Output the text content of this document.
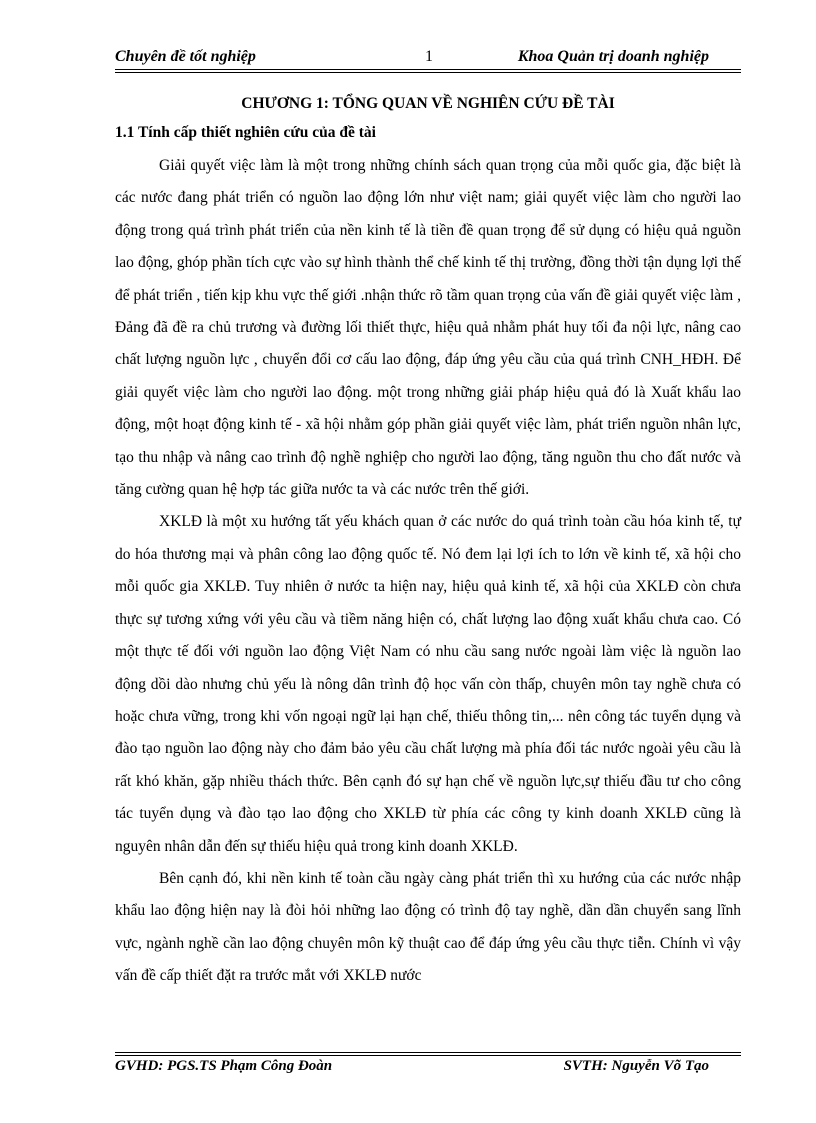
Chuyên đề tốt nghiệp	1	Khoa Quản trị doanh nghiệp
CHƯƠNG 1: TỔNG QUAN VỀ NGHIÊN CỨU ĐỀ TÀI
1.1 Tính cấp thiết nghiên cứu của đề tài

Giải quyết việc làm là một trong những chính sách quan trọng của mỗi quốc gia, đặc biệt là các nước đang phát triển có nguồn lao động lớn như việt nam; giải quyết việc làm cho người lao động trong quá trình phát triển của nền kinh tế là tiền đề quan trọng để sử dụng có hiệu quả nguồn lao động, ghóp phần tích cực vào sự hình thành thể chế kinh tế thị trường, đồng thời tận dụng lợi thế để phát triển , tiến kịp khu vực thế giới .nhận thức rõ tầm quan trọng của vấn đề giải quyết việc làm , Đảng đã đề ra chủ trương và đường lối thiết thực, hiệu quả nhằm phát huy tối đa nội lực, nâng cao chất lượng nguồn lực , chuyển đổi cơ cấu lao động, đáp ứng yêu cầu của quá trình CNH_HĐH. Để giải quyết việc làm cho người lao động. một trong những giải pháp hiệu quả đó là Xuất khẩu lao động, một hoạt động kinh tế - xã hội nhằm góp phần giải quyết việc làm, phát triển nguồn nhân lực, tạo thu nhập và nâng cao trình độ nghề nghiệp cho người lao động, tăng nguồn thu cho đất nước và tăng cường quan hệ hợp tác giữa nước ta và các nước trên thế giới.

XKLĐ là một xu hướng tất yếu khách quan ở các nước do quá trình toàn cầu hóa kinh tế, tự do hóa thương mại và phân công lao động quốc tế. Nó đem lại lợi ích to lớn về kinh tế, xã hội cho mỗi quốc gia XKLĐ. Tuy nhiên ở nước ta hiện nay, hiệu quả kinh tế, xã hội của XKLĐ còn chưa thực sự tương xứng với yêu cầu và tiềm năng hiện có, chất lượng lao động xuất khẩu chưa cao. Có một thực tế đối với nguồn lao động Việt Nam có nhu cầu sang nước ngoài làm việc là nguồn lao động dồi dào nhưng chủ yếu là nông dân trình độ học vấn còn thấp, chuyên môn tay nghề chưa có hoặc chưa vững, trong khi vốn ngoại ngữ lại hạn chế, thiếu thông tin,... nên công tác tuyển dụng và đào tạo nguồn lao động này cho đảm bảo yêu cầu chất lượng mà phía đối tác nước ngoài yêu cầu là rất khó khăn, gặp nhiều thách thức. Bên cạnh đó sự hạn chế về nguồn lực,sự thiếu đầu tư cho công tác tuyển dụng và đào tạo lao động cho XKLĐ từ phía các công ty kinh doanh XKLĐ cũng là nguyên nhân dẫn đến sự thiếu hiệu quả trong kinh doanh XKLĐ.

Bên cạnh đó, khi nền kinh tế toàn cầu ngày càng phát triển thì xu hướng của các nước nhập khẩu lao động hiện nay là đòi hỏi những lao động có trình độ tay nghề, dần dần chuyển sang lĩnh vực, ngành nghề cần lao động chuyên môn kỹ thuật cao để đáp ứng yêu cầu thực tiễn. Chính vì vậy vấn đề cấp thiết đặt ra trước mắt với XKLĐ nước

GVHD: PGS.TS Phạm Công Đoàn	SVTH: Nguyễn Võ Tạo
